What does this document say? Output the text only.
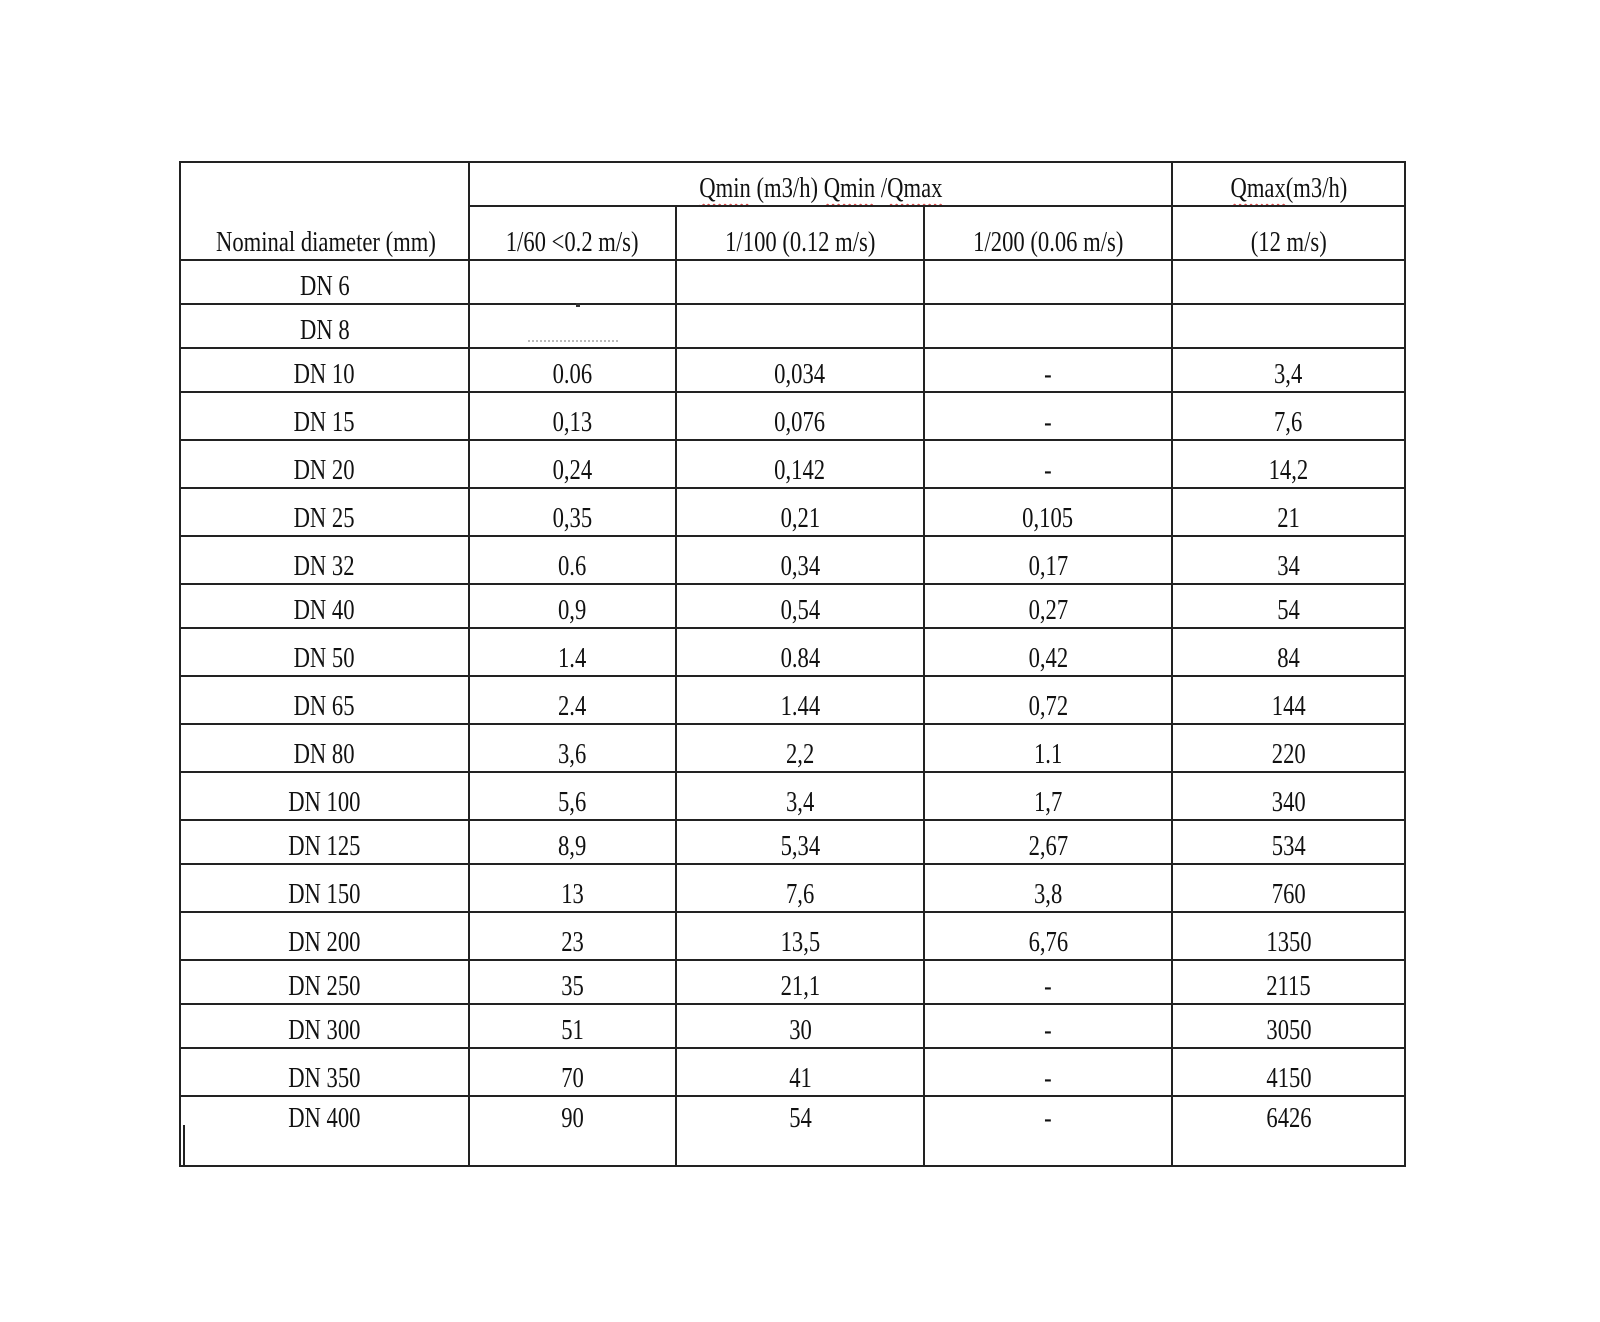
Nominal diameter (mm)	Qmin (m3/h) Qmin /Qmax			Qmax(m3/h)
	1/60 <0.2 m/s)	1/100 (0.12 m/s)	1/200 (0.06 m/s)	(12 m/s)
DN 6				
DN 8				
DN 10	0.06	0,034	-	3,4
DN 15	0,13	0,076	-	7,6
DN 20	0,24	0,142	-	14,2
DN 25	0,35	0,21	0,105	21
DN 32	0.6	0,34	0,17	34
DN 40	0,9	0,54	0,27	54
DN 50	1.4	0.84	0,42	84
DN 65	2.4	1.44	0,72	144
DN 80	3,6	2,2	1.1	220
DN 100	5,6	3,4	1,7	340
DN 125	8,9	5,34	2,67	534
DN 150	13	7,6	3,8	760
DN 200	23	13,5	6,76	1350
DN 250	35	21,1	-	2115
DN 300	51	30	-	3050
DN 350	70	41	-	4150
DN 400	90	54	-	6426
